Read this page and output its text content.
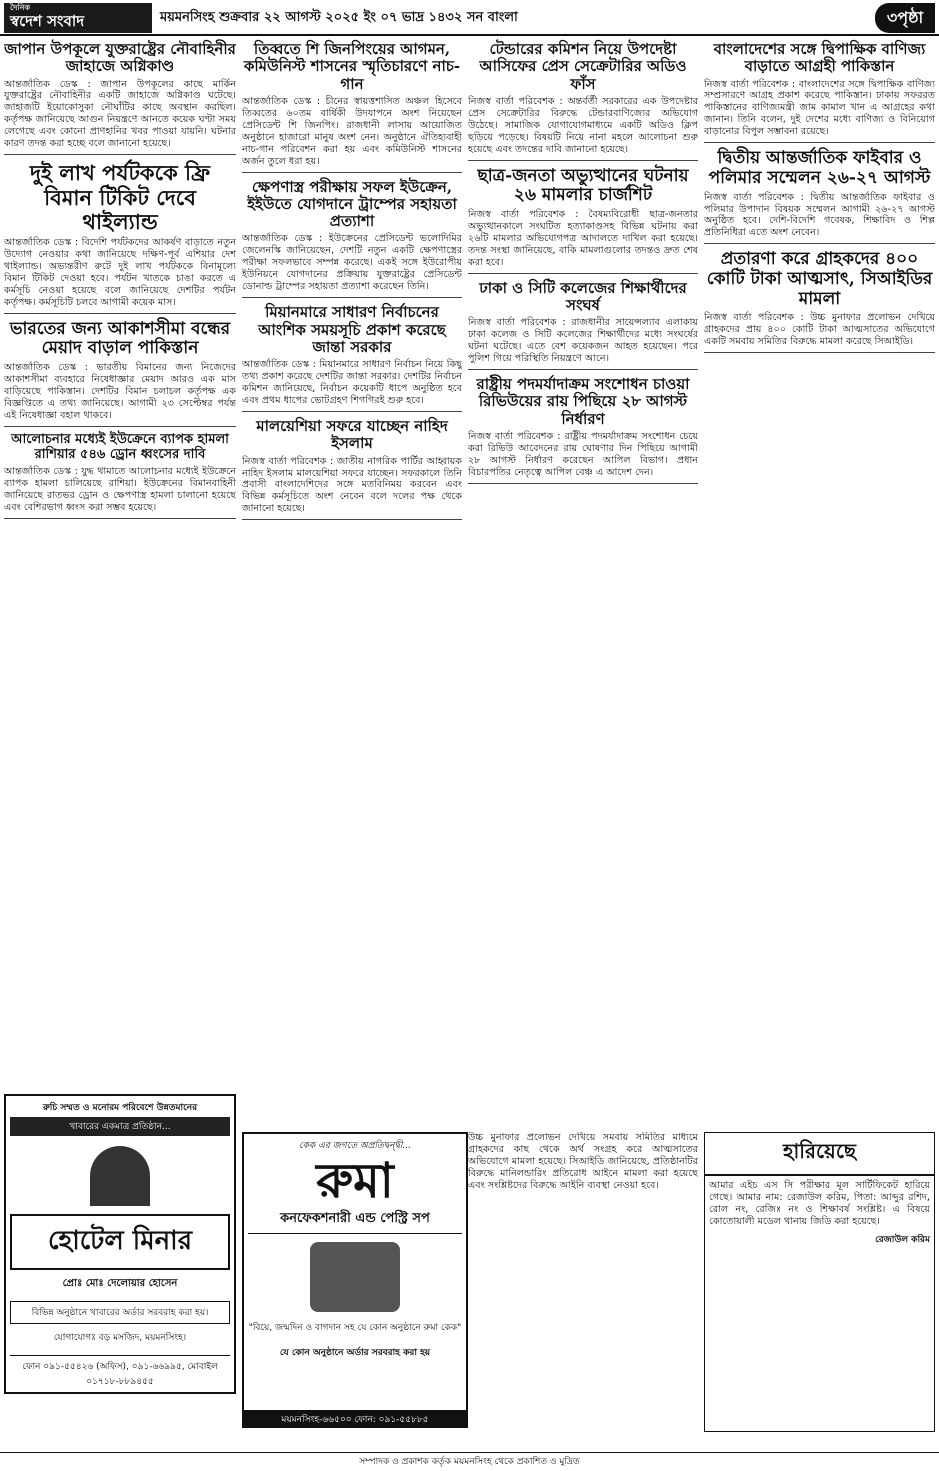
দৈনিক
স্বদেশ সংবাদ	ময়মনসিংহ শুক্রবার ২২ আগস্ট ২০২৫ ইং ০৭ ভাদ্র ১৪৩২ সন বাংলা	৩পৃষ্ঠা
জাপান উপকূলে যুক্তরাষ্ট্রের নৌবাহিনীর জাহাজে অগ্নিকাণ্ড
আন্তর্জাতিক ডেস্ক : জাপান উপকূলের কাছে মার্কিন যুক্তরাষ্ট্রের নৌবাহিনীর একটি জাহাজে অগ্নিকাণ্ড ঘটেছে। জাহাজটি ইয়োকোসুকা নৌঘাঁটির কাছে অবস্থান করছিল। কর্তৃপক্ষ জানিয়েছে আগুন নিয়ন্ত্রণে আনতে কয়েক ঘণ্টা সময় লেগেছে এবং কোনো প্রাণহানির খবর পাওয়া যায়নি। ঘটনার কারণ তদন্ত করা হচ্ছে বলে জানানো হয়েছে।
দুই লাখ পর্যটককে ফ্রি বিমান টিকিট দেবে থাইল্যান্ড
আন্তর্জাতিক ডেস্ক : বিদেশি পর্যটকদের আকর্ষণ বাড়াতে নতুন উদ্যোগ নেওয়ার কথা জানিয়েছে দক্ষিণ-পূর্ব এশিয়ার দেশ থাইল্যান্ড। অভ্যন্তরীণ রুটে দুই লাখ পর্যটককে বিনামূল্যে বিমান টিকিট দেওয়া হবে। পর্যটন খাতকে চাঙা করতে এ কর্মসূচি নেওয়া হয়েছে বলে জানিয়েছে দেশটির পর্যটন কর্তৃপক্ষ। কর্মসূচিটি চলবে আগামী কয়েক মাস।
ভারতের জন্য আকাশসীমা বন্ধের মেয়াদ বাড়াল পাকিস্তান
আন্তর্জাতিক ডেস্ক : ভারতীয় বিমানের জন্য নিজেদের আকাশসীমা ব্যবহারে নিষেধাজ্ঞার মেয়াদ আরও এক মাস বাড়িয়েছে পাকিস্তান। দেশটির বিমান চলাচল কর্তৃপক্ষ এক বিজ্ঞপ্তিতে এ তথ্য জানিয়েছে। আগামী ২৩ সেপ্টেম্বর পর্যন্ত এই নিষেধাজ্ঞা বহাল থাকবে।
আলোচনার মধ্যেই ইউক্রেনে ব্যাপক হামলা রাশিয়ার ৫৪৬ ড্রোন ধ্বংসের দাবি
আন্তর্জাতিক ডেস্ক : যুদ্ধ থামাতে আলোচনার মধ্যেই ইউক্রেনে ব্যাপক হামলা চালিয়েছে রাশিয়া। ইউক্রেনের বিমানবাহিনী জানিয়েছে রাতভর ড্রোন ও ক্ষেপণাস্ত্র হামলা চালানো হয়েছে এবং বেশিরভাগ ধ্বংস করা সম্ভব হয়েছে।
তিব্বতে শি জিনপিংয়ের আগমন, কমিউনিস্ট শাসনের স্মৃতিচারণে নাচ-গান
আন্তর্জাতিক ডেস্ক : চীনের স্বায়ত্তশাসিত অঞ্চল হিসেবে তিব্বতের ৬০তম বার্ষিকী উদযাপনে অংশ নিয়েছেন প্রেসিডেন্ট শি জিনপিং। রাজধানী লাসায় আয়োজিত অনুষ্ঠানে হাজারো মানুষ অংশ নেন। অনুষ্ঠানে ঐতিহ্যবাহী নাচ-গান পরিবেশন করা হয় এবং কমিউনিস্ট শাসনের অর্জন তুলে ধরা হয়।
ক্ষেপণাস্ত্র পরীক্ষায় সফল ইউক্রেন, ইইউতে যোগদানে ট্রাম্পের সহায়তা প্রত্যাশা
আন্তর্জাতিক ডেস্ক : ইউক্রেনের প্রেসিডেন্ট ভলোদিমির জেলেনস্কি জানিয়েছেন, দেশটি নতুন একটি ক্ষেপণাস্ত্রের পরীক্ষা সফলভাবে সম্পন্ন করেছে। একই সঙ্গে ইউরোপীয় ইউনিয়নে যোগদানের প্রক্রিয়ায় যুক্তরাষ্ট্রের প্রেসিডেন্ট ডোনাল্ড ট্রাম্পের সহায়তা প্রত্যাশা করেছেন তিনি।
মিয়ানমারে সাধারণ নির্বাচনের আংশিক সময়সূচি প্রকাশ করেছে জান্তা সরকার
আন্তর্জাতিক ডেস্ক : মিয়ানমারে সাধারণ নির্বাচন নিয়ে কিছু তথ্য প্রকাশ করেছে দেশটির জান্তা সরকার। দেশটির নির্বাচন কমিশন জানিয়েছে, নির্বাচন কয়েকটি ধাপে অনুষ্ঠিত হবে এবং প্রথম ধাপের ভোটগ্রহণ শিগগিরই শুরু হবে।
মালয়েশিয়া সফরে যাচ্ছেন নাহিদ ইসলাম
নিজস্ব বার্তা পরিবেশক : জাতীয় নাগরিক পার্টির আহ্বায়ক নাহিদ ইসলাম মালয়েশিয়া সফরে যাচ্ছেন। সফরকালে তিনি প্রবাসী বাংলাদেশিদের সঙ্গে মতবিনিময় করবেন এবং বিভিন্ন কর্মসূচিতে অংশ নেবেন বলে দলের পক্ষ থেকে জানানো হয়েছে।
টেন্ডারের কমিশন নিয়ে উপদেষ্টা আসিফের প্রেস সেক্রেটারির অডিও ফাঁস
নিজস্ব বার্তা পরিবেশক : অন্তর্বর্তী সরকারের এক উপদেষ্টার প্রেস সেক্রেটারির বিরুদ্ধে টেন্ডারবাণিজ্যের অভিযোগ উঠেছে। সামাজিক যোগাযোগমাধ্যমে একটি অডিও ক্লিপ ছড়িয়ে পড়েছে। বিষয়টি নিয়ে নানা মহলে আলোচনা শুরু হয়েছে এবং তদন্তের দাবি জানানো হয়েছে।
ছাত্র-জনতা অভ্যুত্থানের ঘটনায় ২৬ মামলার চার্জশিট
নিজস্ব বার্তা পরিবেশক : বৈষম্যবিরোধী ছাত্র-জনতার অভ্যুত্থানকালে সংঘটিত হত্যাকাণ্ডসহ বিভিন্ন ঘটনায় করা ২৬টি মামলার অভিযোগপত্র আদালতে দাখিল করা হয়েছে। তদন্ত সংস্থা জানিয়েছে, বাকি মামলাগুলোর তদন্তও দ্রুত শেষ করা হবে।
ঢাকা ও সিটি কলেজের শিক্ষার্থীদের সংঘর্ষ
নিজস্ব বার্তা পরিবেশক : রাজধানীর সায়েন্সল্যাব এলাকায় ঢাকা কলেজ ও সিটি কলেজের শিক্ষার্থীদের মধ্যে সংঘর্ষের ঘটনা ঘটেছে। এতে বেশ কয়েকজন আহত হয়েছেন। পরে পুলিশ গিয়ে পরিস্থিতি নিয়ন্ত্রণে আনে।
রাষ্ট্রীয় পদমর্যাদাক্রম সংশোধন চাওয়া রিভিউয়ের রায় পিছিয়ে ২৮ আগস্ট নির্ধারণ
নিজস্ব বার্তা পরিবেশক : রাষ্ট্রীয় পদমর্যাদাক্রম সংশোধন চেয়ে করা রিভিউ আবেদনের রায় ঘোষণার দিন পিছিয়ে আগামী ২৮ আগস্ট নির্ধারণ করেছেন আপিল বিভাগ। প্রধান বিচারপতির নেতৃত্বে আপিল বেঞ্চ এ আদেশ দেন।
বাংলাদেশের সঙ্গে দ্বিপাক্ষিক বাণিজ্য বাড়াতে আগ্রহী পাকিস্তান
নিজস্ব বার্তা পরিবেশক : বাংলাদেশের সঙ্গে দ্বিপাক্ষিক বাণিজ্য সম্প্রসারণে আগ্রহ প্রকাশ করেছে পাকিস্তান। ঢাকায় সফররত পাকিস্তানের বাণিজ্যমন্ত্রী জাম কামাল খান এ আগ্রহের কথা জানান। তিনি বলেন, দুই দেশের মধ্যে বাণিজ্য ও বিনিয়োগ বাড়ানোর বিপুল সম্ভাবনা রয়েছে।
দ্বিতীয় আন্তর্জাতিক ফাইবার ও পলিমার সম্মেলন ২৬-২৭ আগস্ট
নিজস্ব বার্তা পরিবেশক : দ্বিতীয় আন্তর্জাতিক ফাইবার ও পলিমার উপাদান বিষয়ক সম্মেলন আগামী ২৬-২৭ আগস্ট অনুষ্ঠিত হবে। দেশি-বিদেশি গবেষক, শিক্ষাবিদ ও শিল্প প্রতিনিধিরা এতে অংশ নেবেন।
প্রতারণা করে গ্রাহকদের ৪০০ কোটি টাকা আত্মসাৎ, সিআইডির মামলা
নিজস্ব বার্তা পরিবেশক : উচ্চ মুনাফার প্রলোভন দেখিয়ে গ্রাহকদের প্রায় ৪০০ কোটি টাকা আত্মসাতের অভিযোগে একটি সমবায় সমিতির বিরুদ্ধে মামলা করেছে সিআইডি।
রুচি সম্মত ও মনোরম পরিবেশে উন্নতমানের
খাবারের একমাত্র প্রতিষ্ঠান...
হোটেল মিনার
প্রোঃ মোঃ দেলোয়ার হোসেন
বিভিন্ন অনুষ্ঠানে খাবারের অর্ডার সরবরাহ করা হয়।
যোগাযোগঃ বড় মসজিদ, ময়মনসিংহ।
ফোন ০৯১-৫৫৪২৬ (অফিস), ০৯১-৬৬৯৯৫, মোবাইল ০১৭১৮-৮৮৯৪৫৫
কেক এর জগতে অপ্রতিদ্বন্দ্বী...
রুমা
কনফেকশনারী এন্ড পেস্ট্রি সপ
"বিয়ে, জন্মদিন ও বাগদান সহ যে কোন অনুষ্ঠানে রুমা কেক"
যে কোন অনুষ্ঠানে অর্ডার সরবরাহ করা হয়
ময়মনসিংহ-৬৬৫০০ ফোন: ০৯১-৫৫৮৮৫
উচ্চ মুনাফার প্রলোভন দেখিয়ে সমবায় সমিতির মাধ্যমে গ্রাহকদের কাছ থেকে অর্থ সংগ্রহ করে আত্মসাতের অভিযোগে মামলা হয়েছে। সিআইডি জানিয়েছে, প্রতিষ্ঠানটির বিরুদ্ধে মানিলন্ডারিং প্রতিরোধ আইনে মামলা করা হয়েছে এবং সংশ্লিষ্টদের বিরুদ্ধে আইনি ব্যবস্থা নেওয়া হবে।
হারিয়েছে
আমার এইচ এস সি পরীক্ষার মূল সার্টিফিকেট হারিয়ে গেছে। আমার নাম: রেজাউল করিম, পিতা: আব্দুর রশিদ, রোল নং, রেজিঃ নং ও শিক্ষাবর্ষ সংশ্লিষ্ট। এ বিষয়ে কোতোয়ালী মডেল থানায় জিডি করা হয়েছে।
রেজাউল করিম
সম্পাদক ও প্রকাশক কর্তৃক ময়মনসিংহ থেকে প্রকাশিত ও মুদ্রিত
